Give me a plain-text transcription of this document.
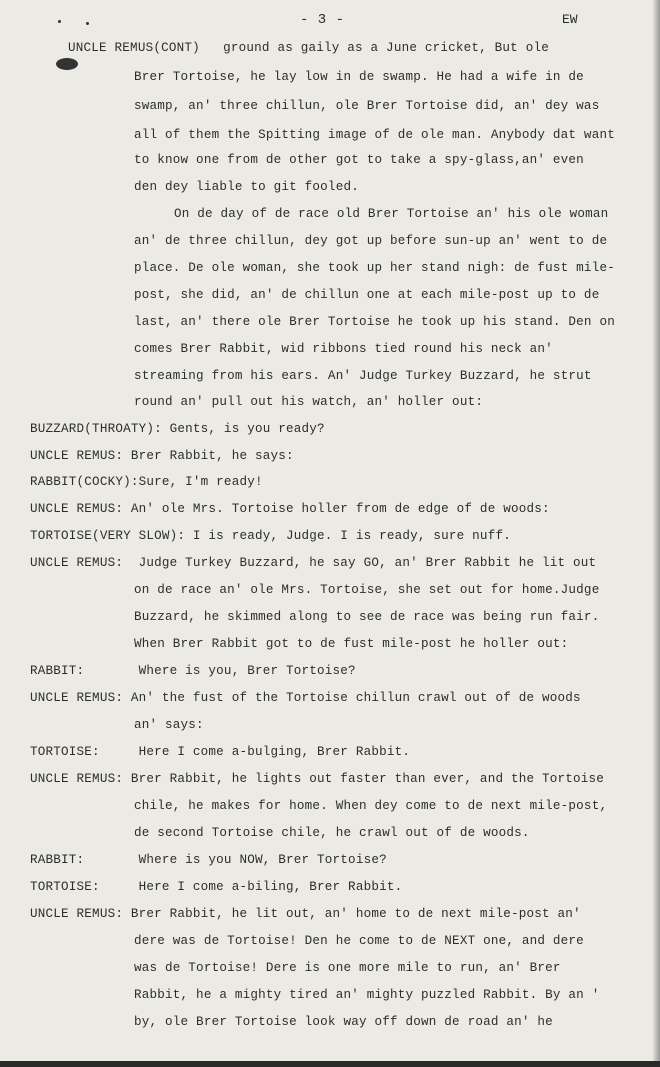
- 3 -	EW
UNCLE REMUS(CONT)   ground as gaily as a June cricket, But ole
Brer Tortoise, he lay low in de swamp. He had a wife in de
swamp, an' three chillun, ole Brer Tortoise did, an' dey was
all of them the Spitting image of de ole man. Anybody dat want
to know one from de other got to take a spy-glass,an' even
den dey liable to git fooled.
On de day of de race old Brer Tortoise an' his ole woman
an' de three chillun, dey got up before sun-up an' went to de
place. De ole woman, she took up her stand nigh: de fust mile-
post, she did, an' de chillun one at each mile-post up to de
last, an' there ole Brer Tortoise he took up his stand. Den on
comes Brer Rabbit, wid ribbons tied round his neck an'
streaming from his ears. An' Judge Turkey Buzzard, he strut
round an' pull out his watch, an' holler out:
BUZZARD(THROATY): Gents, is you ready?
UNCLE REMUS: Brer Rabbit, he says:
RABBIT(COCKY):Sure, I'm ready!
UNCLE REMUS: An' ole Mrs. Tortoise holler from de edge of de woods:
TORTOISE(VERY SLOW): I is ready, Judge. I is ready, sure nuff.
UNCLE REMUS:  Judge Turkey Buzzard, he say GO, an' Brer Rabbit he lit out
on de race an' ole Mrs. Tortoise, she set out for home.Judge
Buzzard, he skimmed along to see de race was being run fair.
When Brer Rabbit got to de fust mile-post he holler out:
RABBIT:       Where is you, Brer Tortoise?
UNCLE REMUS: An' the fust of the Tortoise chillun crawl out of de woods
an' says:
TORTOISE:     Here I come a-bulging, Brer Rabbit.
UNCLE REMUS: Brer Rabbit, he lights out faster than ever, and the Tortoise
chile, he makes for home. When dey come to de next mile-post,
de second Tortoise chile, he crawl out of de woods.
RABBIT:       Where is you NOW, Brer Tortoise?
TORTOISE:     Here I come a-biling, Brer Rabbit.
UNCLE REMUS: Brer Rabbit, he lit out, an' home to de next mile-post an'
dere was de Tortoise! Den he come to de NEXT one, and dere
was de Tortoise! Dere is one more mile to run, an' Brer
Rabbit, he a mighty tired an' mighty puzzled Rabbit. By an '
by, ole Brer Tortoise look way off down de road an' he
